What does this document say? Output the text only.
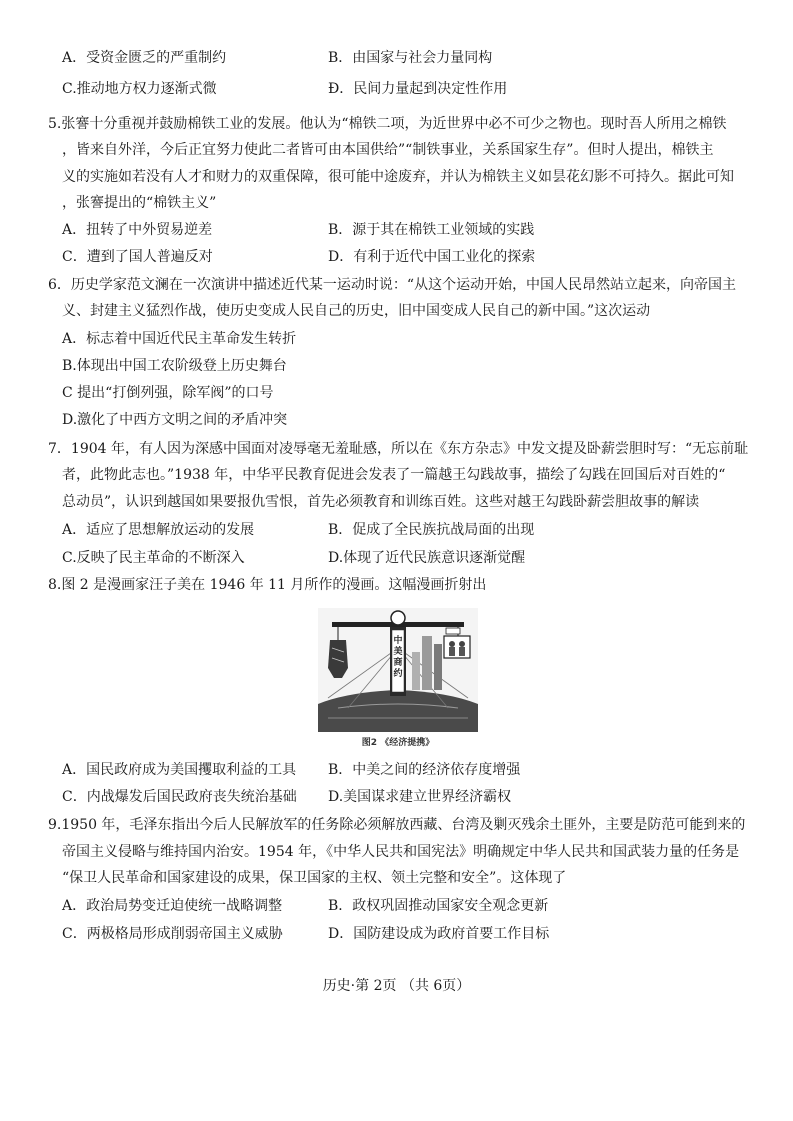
A．受资金匮乏的严重制约	B．由国家与社会力量同构
C.推动地方权力逐渐式微	Ð．民间力量起到决定性作用
5.张謇十分重视并鼓励棉铁工业的发展。他认为“棉铁二项，为近世界中必不可少之物也。现时吾人所用之棉铁
，皆来自外洋，今后正宜努力使此二者皆可由本国供给”“制铁事业，关系国家生存”。但时人提出，棉铁主
义的实施如若没有人才和财力的双重保障，很可能中途废弃，并认为棉铁主义如昙花幻影不可持久。据此可知
，张謇提出的“棉铁主义”
A．扭转了中外贸易逆差	B．源于其在棉铁工业领域的实践
C．遭到了国人普遍反对	D．有利于近代中国工业化的探索
6．历史学家范文澜在一次演讲中描述近代某一运动时说：“从这个运动开始，中国人民昂然站立起来，向帝国主
义、封建主义猛烈作战，使历史变成人民自己的历史，旧中国变成人民自己的新中国。”这次运动
A．标志着中国近代民主革命发生转折
B.体现出中国工农阶级登上历史舞台
C 提出“打倒列强，除军阀”的口号
D.激化了中西方文明之间的矛盾冲突
7．1904 年，有人因为深感中国面对凌辱毫无羞耻感，所以在《东方杂志》中发文提及卧薪尝胆时写：“无忘前耻
者，此物此志也。”1938 年，中华平民教育促进会发表了一篇越王勾践故事，描绘了勾践在回国后对百姓的“
总动员”，认识到越国如果要报仇雪恨，首先必须教育和训练百姓。这些对越王勾践卧薪尝胆故事的解读
A．适应了思想解放运动的发展	B．促成了全民族抗战局面的出现
C.反映了民主革命的不断深入	D.体现了近代民族意识逐渐觉醒
8.图 2 是漫画家汪子美在 1946 年 11 月所作的漫画。这幅漫画折射出
中美商约
图2 《经济提携》
A．国民政府成为美国攫取利益的工具 B．中美之间的经济依存度增强
C．内战爆发后国民政府丧失统治基础 D.美国谋求建立世界经济霸权
9.1950 年，毛泽东指出今后人民解放军的任务除必须解放西藏、台湾及剿灭残余土匪外，主要是防范可能到来的
帝国主义侵略与维持国内治安。1954 年，《中华人民共和国宪法》明确规定中华人民共和国武装力量的任务是
“保卫人民革命和国家建设的成果，保卫国家的主权、领土完整和安全”。这体现了
A．政治局势变迁迫使统一战略调整	B．政权巩固推动国家安全观念更新
C．两极格局形成削弱帝国主义威胁	D．国防建设成为政府首要工作目标
历史·第 2页 （共 6页）
